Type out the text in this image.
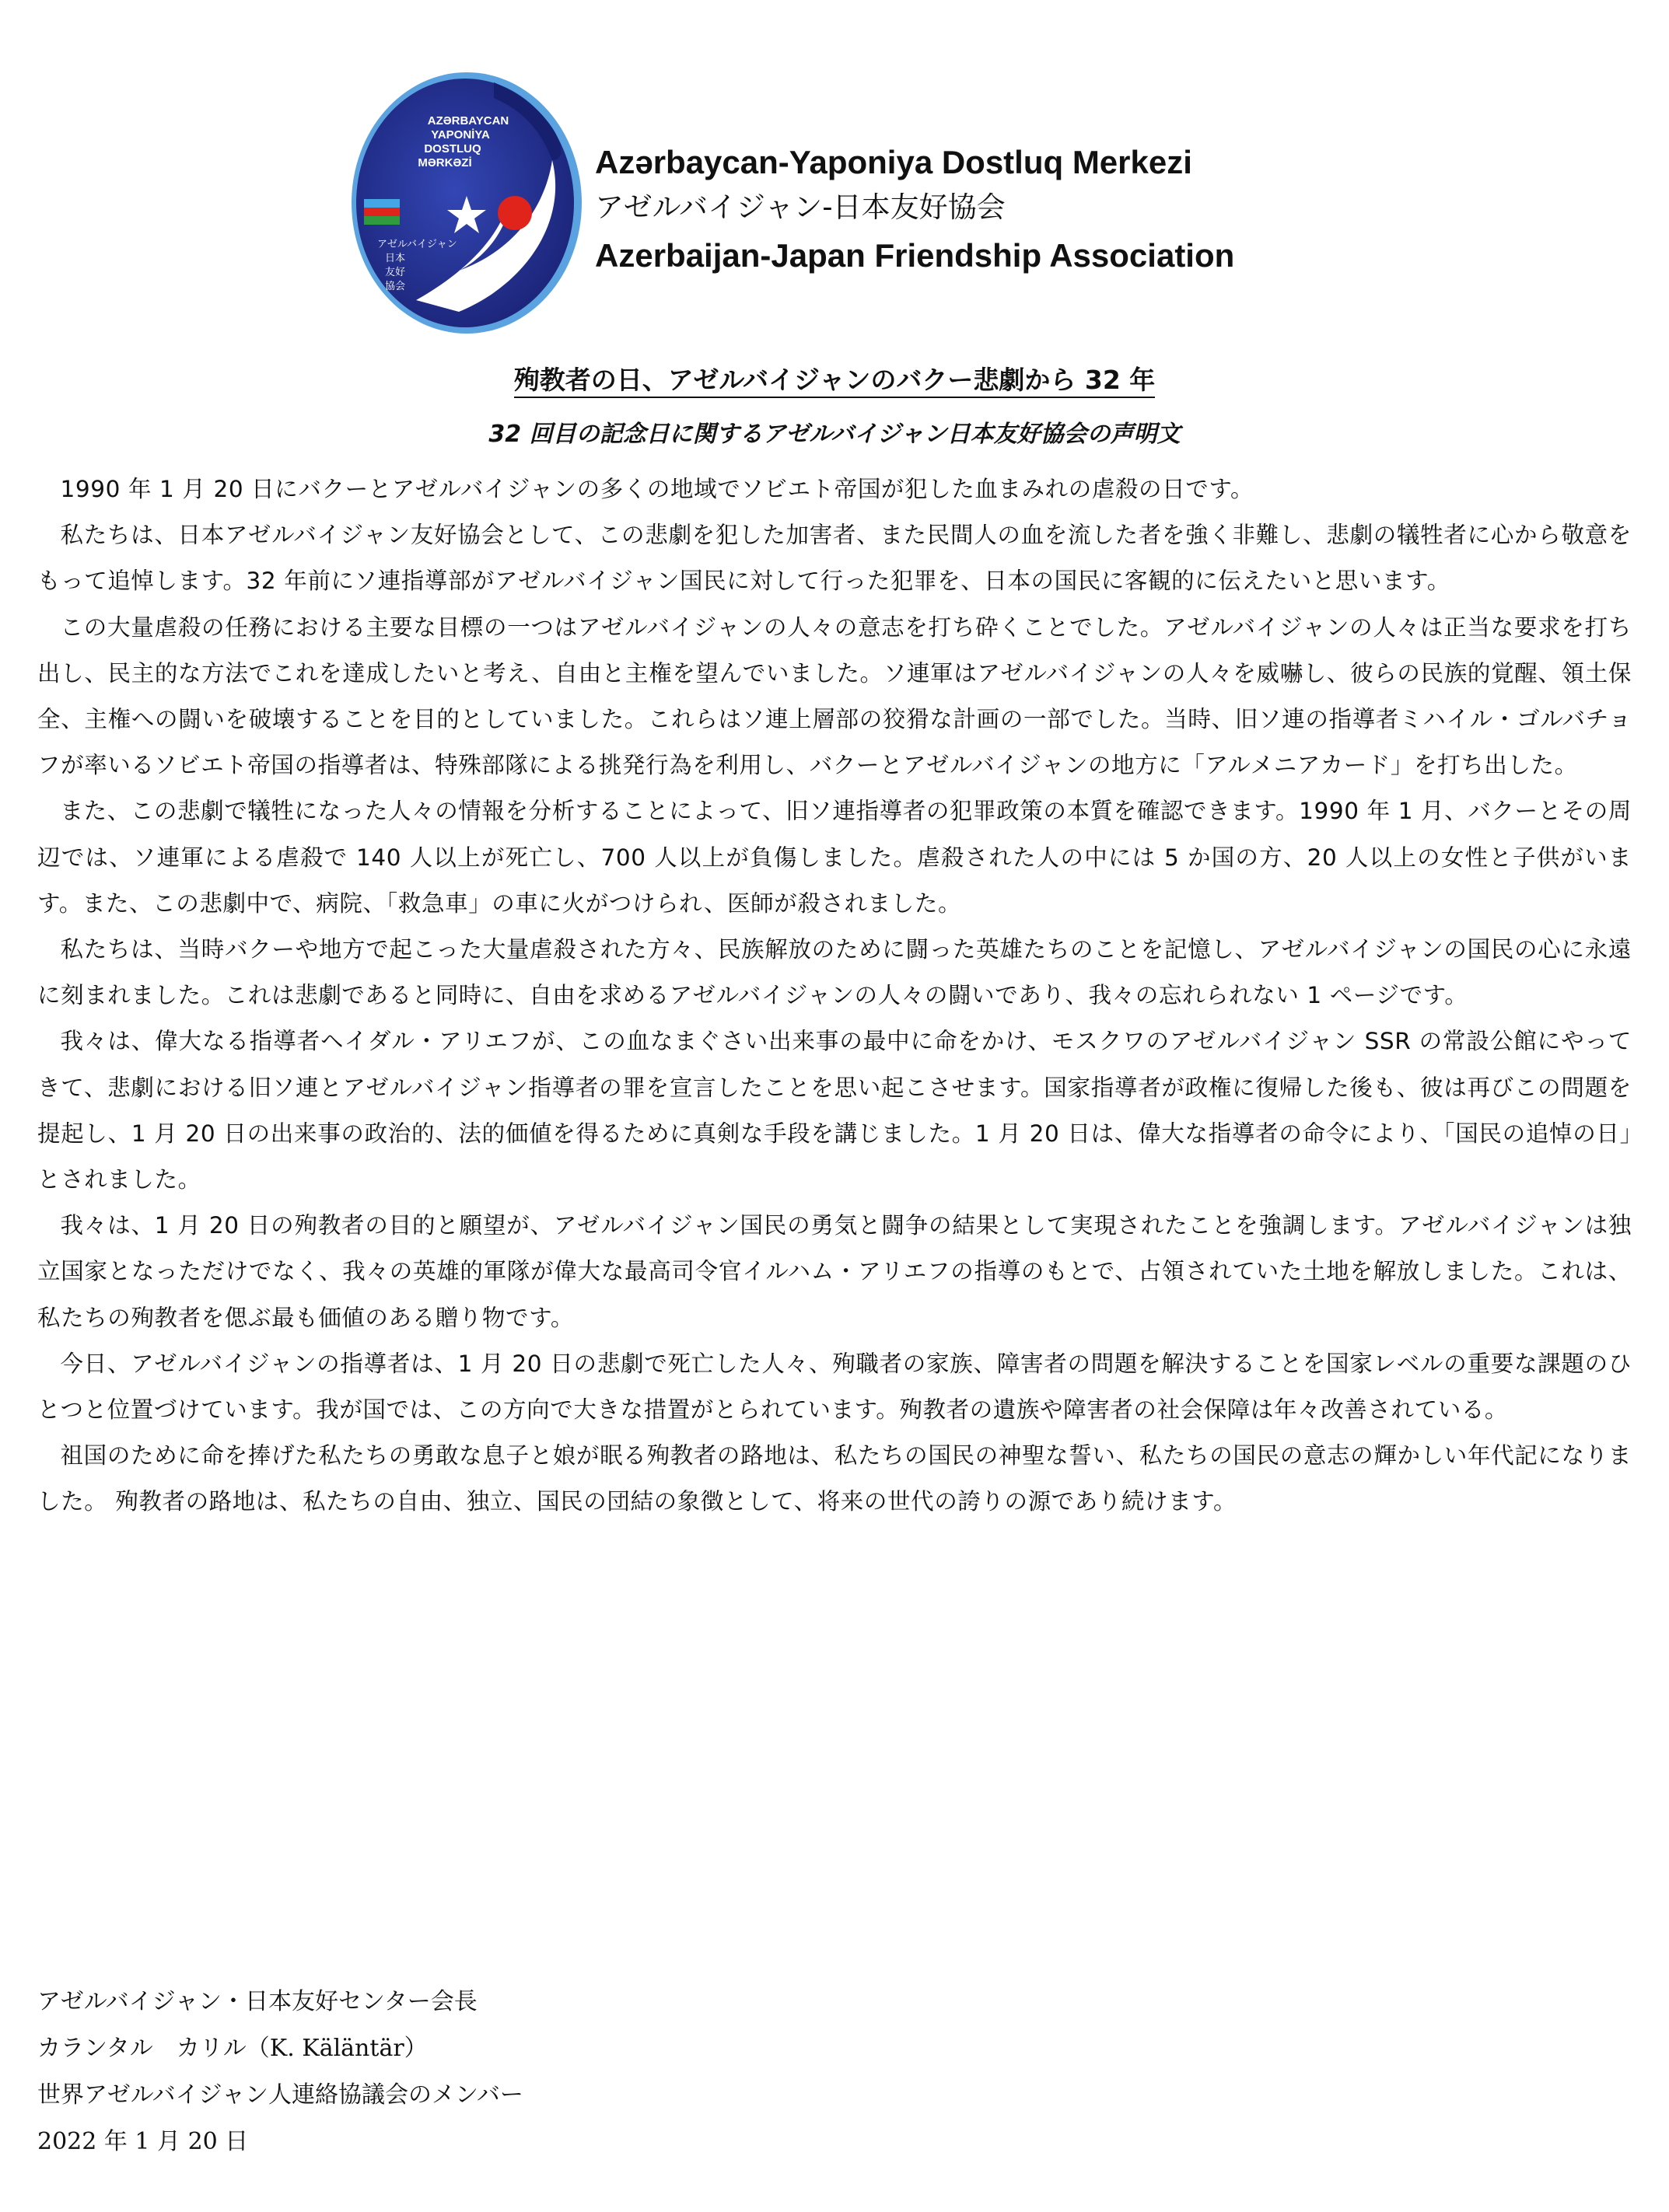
AZƏRBAYCAN
YAPONİYA
DOSTLUQ
MƏRKƏZİ
アゼルバイジャン
日本
友好
協会
Azərbaycan-Yaponiya Dostluq Merkezi
アゼルバイジャン-日本友好協会
Azerbaijan-Japan Friendship Association
殉教者の日、アゼルバイジャンのバクー悲劇から 32 年
32 回目の記念日に関するアゼルバイジャン日本友好協会の声明文

1990 年 1 月 20 日にバクーとアゼルバイジャンの多くの地域でソビエト帝国が犯した血まみれの虐殺の日です。

私たちは、日本アゼルバイジャン友好協会として、この悲劇を犯した加害者、また民間人の血を流した者を強く非難し、悲劇の犠牲者に心から敬意をもって追悼します。32 年前にソ連指導部がアゼルバイジャン国民に対して行った犯罪を、日本の国民に客観的に伝えたいと思います。

この大量虐殺の任務における主要な目標の一つはアゼルバイジャンの人々の意志を打ち砕くことでした。アゼルバイジャンの人々は正当な要求を打ち出し、民主的な方法でこれを達成したいと考え、自由と主権を望んでいました。ソ連軍はアゼルバイジャンの人々を威嚇し、彼らの民族的覚醒、領土保全、主権への闘いを破壊することを目的としていました。これらはソ連上層部の狡猾な計画の一部でした。当時、旧ソ連の指導者ミハイル・ゴルバチョフが率いるソビエト帝国の指導者は、特殊部隊による挑発行為を利用し、バクーとアゼルバイジャンの地方に「アルメニアカード」を打ち出した。

また、この悲劇で犠牲になった人々の情報を分析することによって、旧ソ連指導者の犯罪政策の本質を確認できます。1990 年 1 月、バクーとその周辺では、ソ連軍による虐殺で 140 人以上が死亡し、700 人以上が負傷しました。虐殺された人の中には 5 か国の方、20 人以上の女性と子供がいます。また、この悲劇中で、病院、「救急車」の車に火がつけられ、医師が殺されました。

私たちは、当時バクーや地方で起こった大量虐殺された方々、民族解放のために闘った英雄たちのことを記憶し、アゼルバイジャンの国民の心に永遠に刻まれました。これは悲劇であると同時に、自由を求めるアゼルバイジャンの人々の闘いであり、我々の忘れられない 1 ページです。

我々は、偉大なる指導者ヘイダル・アリエフが、この血なまぐさい出来事の最中に命をかけ、モスクワのアゼルバイジャン SSR の常設公館にやってきて、悲劇における旧ソ連とアゼルバイジャン指導者の罪を宣言したことを思い起こさせます。国家指導者が政権に復帰した後も、彼は再びこの問題を提起し、1 月 20 日の出来事の政治的、法的価値を得るために真剣な手段を講じました。1 月 20 日は、偉大な指導者の命令により、「国民の追悼の日」とされました。

我々は、1 月 20 日の殉教者の目的と願望が、アゼルバイジャン国民の勇気と闘争の結果として実現されたことを強調します。アゼルバイジャンは独立国家となっただけでなく、我々の英雄的軍隊が偉大な最高司令官イルハム・アリエフの指導のもとで、占領されていた土地を解放しました。これは、私たちの殉教者を偲ぶ最も価値のある贈り物です。

今日、アゼルバイジャンの指導者は、1 月 20 日の悲劇で死亡した人々、殉職者の家族、障害者の問題を解決することを国家レベルの重要な課題のひとつと位置づけています。我が国では、この方向で大きな措置がとられています。殉教者の遺族や障害者の社会保障は年々改善されている。

祖国のために命を捧げた私たちの勇敢な息子と娘が眠る殉教者の路地は、私たちの国民の神聖な誓い、私たちの国民の意志の輝かしい年代記になりました。 殉教者の路地は、私たちの自由、独立、国民の団結の象徴として、将来の世代の誇りの源であり続けます。

アゼルバイジャン・日本友好センター会長
カランタル　カリル（K. Käläntär）
世界アゼルバイジャン人連絡協議会のメンバー
2022 年 1 月 20 日
